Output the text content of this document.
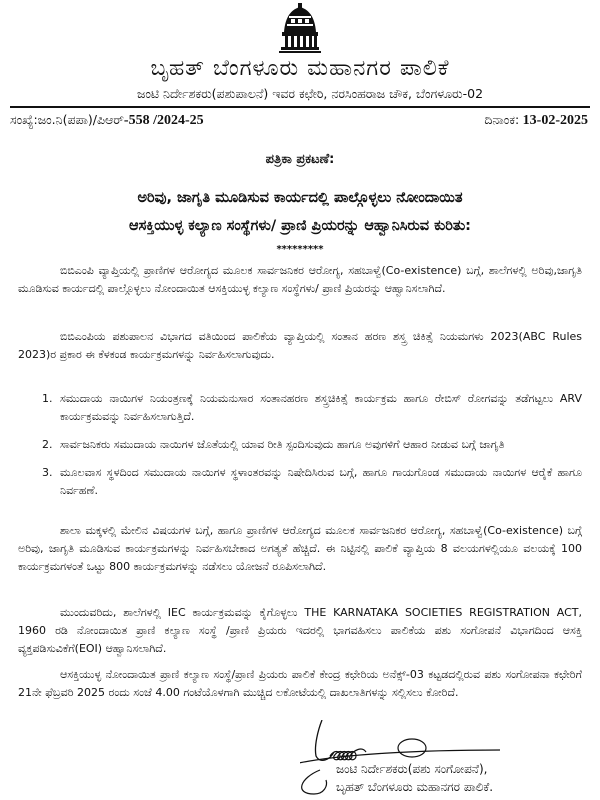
ಬೃಹತ್ ಬೆಂಗಳೂರು ಮಹಾನಗರ ಪಾಲಿಕೆ
ಜಂಟಿ ನಿರ್ದೇಶಕರು(ಪಶುಪಾಲನೆ) ಇವರ ಕಛೇರಿ, ನರಸಿಂಹರಾಜ ಚೌಕ, ಬೆಂಗಳೂರು-02
ಸಂಖ್ಯೆ:ಜಂ.ನಿ(ಪಪಾ)/ಪಿಆರ್-558 /2024-25	ದಿನಾಂಕ: 13-02-2025
ಪತ್ರಿಕಾ ಪ್ರಕಟಣೆ:
ಅರಿವು, ಜಾಗೃತಿ ಮೂಡಿಸುವ ಕಾರ್ಯದಲ್ಲಿ ಪಾಲ್ಗೊಳ್ಳಲು ನೋಂದಾಯಿತ
ಆಸಕ್ತಿಯುಳ್ಳ ಕಲ್ಯಾಣ ಸಂಸ್ಥೆಗಳು/ ಪ್ರಾಣಿ ಪ್ರಿಯರನ್ನು ಆಹ್ವಾನಿಸಿರುವ ಕುರಿತು:
*********
ಬಿಬಿಎಂಪಿ ವ್ಯಾಪ್ತಿಯಲ್ಲಿ ಪ್ರಾಣಿಗಳ ಆರೋಗ್ಯದ ಮೂಲಕ ಸಾರ್ವಜನಿಕರ ಆರೋಗ್ಯ, ಸಹಬಾಳ್ವೆ(Co-existence) ಬಗ್ಗೆ, ಶಾಲೆಗಳಲ್ಲಿ ಅರಿವು,ಜಾಗೃತಿ ಮೂಡಿಸುವ ಕಾರ್ಯದಲ್ಲಿ ಪಾಲ್ಗೊಳ್ಳಲು ನೋಂದಾಯಿತ ಆಸಕ್ತಿಯುಳ್ಳ ಕಲ್ಯಾಣ ಸಂಸ್ಥೆಗಳು/ ಪ್ರಾಣಿ ಪ್ರಿಯರನ್ನು ಆಹ್ವಾನಿಸಲಾಗಿದೆ.
ಬಿಬಿಎಂಪಿಯ ಪಶುಪಾಲನ ವಿಭಾಗದ ವತಿಯಿಂದ ಪಾಲಿಕೆಯ ವ್ಯಾಪ್ತಿಯಲ್ಲಿ ಸಂತಾನ ಹರಣ ಶಸ್ತ್ರ ಚಿಕಿತ್ಸೆ ನಿಯಮಗಳು 2023(ABC Rules 2023)ರ ಪ್ರಕಾರ ಈ ಕೆಳಕಂಡ ಕಾರ್ಯಕ್ರಮಗಳನ್ನು ನಿರ್ವಹಿಸಲಾಗುವುದು.
1. ಸಮುದಾಯ ನಾಯಿಗಳ ನಿಯಂತ್ರಣಕ್ಕೆ ನಿಯಮನುಸಾರ ಸಂತಾನಹರಣ ಶಸ್ತ್ರಚಿಕಿತ್ಸೆ ಕಾರ್ಯಕ್ರಮ ಹಾಗೂ ರೇಬಿಸ್ ರೋಗವನ್ನು ತಡೆಗಟ್ಟಲು ARV ಕಾರ್ಯಕ್ರಮವನ್ನು ನಿರ್ವಹಿಸಲಾಗುತ್ತಿದೆ.
2. ಸಾರ್ವಜನಿಕರು ಸಮುದಾಯ ನಾಯಿಗಳ ಜೊತೆಯಲ್ಲಿ ಯಾವ ರೀತಿ ಸ್ಪಂದಿಸುವುದು ಹಾಗೂ ಅವುಗಳಿಗೆ ಆಹಾರ ನೀಡುವ ಬಗ್ಗೆ ಜಾಗೃತಿ
3. ಮೂಲವಾಸ ಸ್ಥಳದಿಂದ ಸಮುದಾಯ ನಾಯಿಗಳ ಸ್ಥಳಾಂತರವನ್ನು ನಿಷೇದಿಸಿರುವ ಬಗ್ಗೆ, ಹಾಗೂ ಗಾಯಗೊಂಡ ಸಮುದಾಯ ನಾಯಿಗಳ ಆರೈಕೆ ಹಾಗೂ ನಿರ್ವಹಣೆ.
ಶಾಲಾ ಮಕ್ಕಳಲ್ಲಿ ಮೇಲಿನ ವಿಷಯಗಳ ಬಗ್ಗೆ, ಹಾಗೂ ಪ್ರಾಣಿಗಳ ಆರೋಗ್ಯದ ಮೂಲಕ ಸಾರ್ವಜನಿಕರ ಆರೋಗ್ಯ, ಸಹಬಾಳ್ವೆ(Co-existence) ಬಗ್ಗೆ ಅರಿವು, ಜಾಗೃತಿ ಮೂಡಿಸುವ ಕಾರ್ಯಕ್ರಮಗಳನ್ನು ನಿರ್ವಹಿಸಬೇಕಾದ ಅಗತ್ಯತೆ ಹೆಚ್ಚಿದೆ. ಈ ನಿಟ್ಟಿನಲ್ಲಿ ಪಾಲಿಕೆ ವ್ಯಾಪ್ತಿಯ 8 ವಲಯಗಳಲ್ಲಿಯೂ ವಲಯಕ್ಕೆ 100 ಕಾರ್ಯಕ್ರಮಗಳಂತೆ ಒಟ್ಟು 800 ಕಾರ್ಯಕ್ರಮಗಳನ್ನು ನಡೆಸಲು ಯೋಜನೆ ರೂಪಿಸಲಾಗಿದೆ.
ಮುಂದುವರಿದು, ಶಾಲೆಗಳಲ್ಲಿ IEC ಕಾರ್ಯಕ್ರಮವನ್ನು ಕೈಗೊಳ್ಳಲು THE KARNATAKA SOCIETIES REGISTRATION ACT, 1960 ರಡಿ ನೋಂದಾಯಿತ ಪ್ರಾಣಿ ಕಲ್ಯಾಣ ಸಂಸ್ಥೆ /ಪ್ರಾಣಿ ಪ್ರಿಯರು ಇದರಲ್ಲಿ ಭಾಗವಹಿಸಲು ಪಾಲಿಕೆಯ ಪಶು ಸಂಗೋಪನೆ ವಿಭಾಗದಿಂದ ಆಸಕ್ತಿ ವ್ಯಕ್ತಪಡಿಸುವಿಕೆಗೆ(EOI) ಆಹ್ವಾನಿಸಲಾಗಿದೆ.
ಆಸಕ್ತಿಯುಳ್ಳ ನೋಂದಾಯಿತ ಪ್ರಾಣಿ ಕಲ್ಯಾಣ ಸಂಸ್ಥೆ/ಪ್ರಾಣಿ ಪ್ರಿಯರು ಪಾಲಿಕೆ ಕೇಂದ್ರ ಕಛೇರಿಯ ಅನೆಕ್ಸ್-03 ಕಟ್ಟಡದಲ್ಲಿರುವ ಪಶು ಸಂಗೋಪನಾ ಕಛೇರಿಗೆ 21ನೇ ಫೆಬ್ರವರಿ 2025 ರಂದು ಸಂಜೆ 4.00 ಗಂಟೆಯೊಳಗಾಗಿ ಮುಚ್ಚಿದ ಲಕೋಟೆಯಲ್ಲಿ ದಾಖಲಾತಿಗಳನ್ನು ಸಲ್ಲಿಸಲು ಕೋರಿದೆ.
ಜಂಟಿ ನಿರ್ದೇಶಕರು(ಪಶು ಸಂಗೋಪನೆ),
ಬೃಹತ್ ಬೆಂಗಳೂರು ಮಹಾನಗರ ಪಾಲಿಕೆ.
